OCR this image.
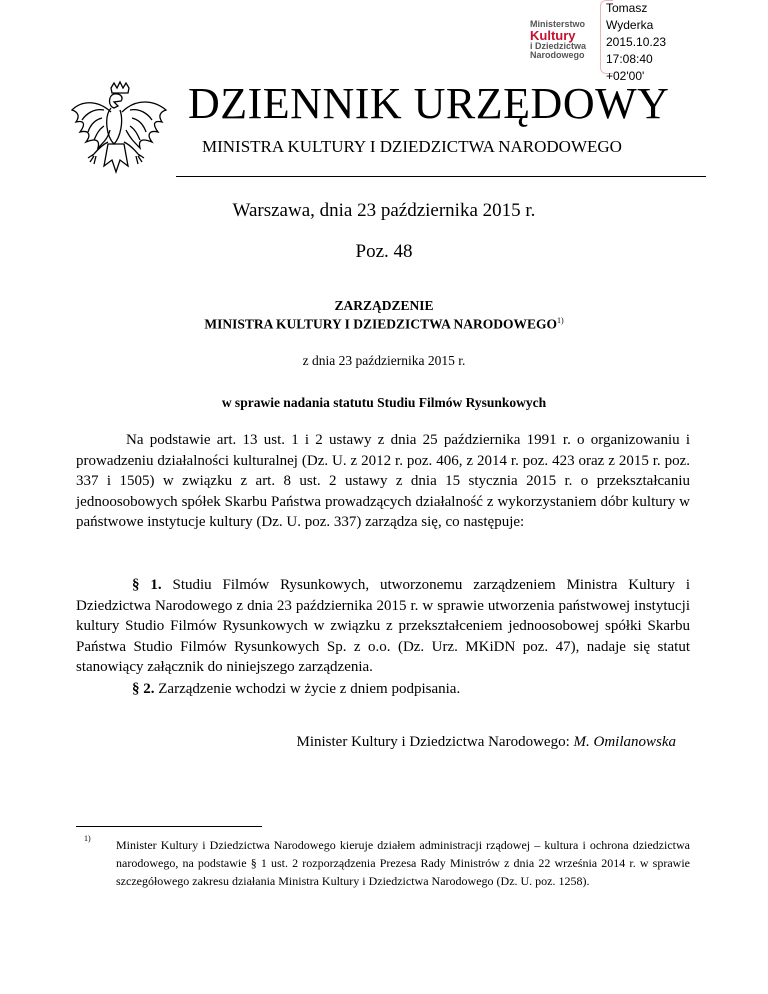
Ministerstwo
Kultury
i Dziedzictwa
Narodowego
Tomasz
Wyderka
2015.10.23
17:08:40
+02'00'
DZIENNIK URZĘDOWY
MINISTRA KULTURY I DZIEDZICTWA NARODOWEGO
Warszawa, dnia 23 października 2015 r.
Poz. 48
ZARZĄDZENIE
MINISTRA KULTURY I DZIEDZICTWA NARODOWEGO$^{1)}$
z dnia 23 października 2015 r.
w sprawie nadania statutu Studiu Filmów Rysunkowych
Na podstawie art. 13 ust. 1 i 2 ustawy z dnia 25 października 1991 r. o organizowaniu i prowadzeniu działalności kulturalnej (Dz. U. z 2012 r. poz. 406, z 2014 r. poz. 423 oraz z 2015 r. poz. 337 i 1505) w związku z art. 8 ust. 2 ustawy z dnia 15 stycznia 2015 r. o przekształcaniu jednoosobowych spółek Skarbu Państwa prowadzących działalność z wykorzystaniem dóbr kultury w państwowe instytucje kultury (Dz. U. poz. 337) zarządza się, co następuje:
§ 1. Studiu Filmów Rysunkowych, utworzonemu zarządzeniem Ministra Kultury i Dziedzictwa Narodowego z dnia 23 października 2015 r. w sprawie utworzenia państwowej instytucji kultury Studio Filmów Rysunkowych w związku z przekształceniem jednoosobowej spółki Skarbu Państwa Studio Filmów Rysunkowych Sp. z o.o. (Dz. Urz. MKiDN poz. 47), nadaje się statut stanowiący załącznik do niniejszego zarządzenia.
§ 2. Zarządzenie wchodzi w życie z dniem podpisania.
Minister Kultury i Dziedzictwa Narodowego: M. Omilanowska
1) Minister Kultury i Dziedzictwa Narodowego kieruje działem administracji rządowej – kultura i ochrona dziedzictwa narodowego, na podstawie § 1 ust. 2 rozporządzenia Prezesa Rady Ministrów z dnia 22 września 2014 r. w sprawie szczegółowego zakresu działania Ministra Kultury i Dziedzictwa Narodowego (Dz. U. poz. 1258).
